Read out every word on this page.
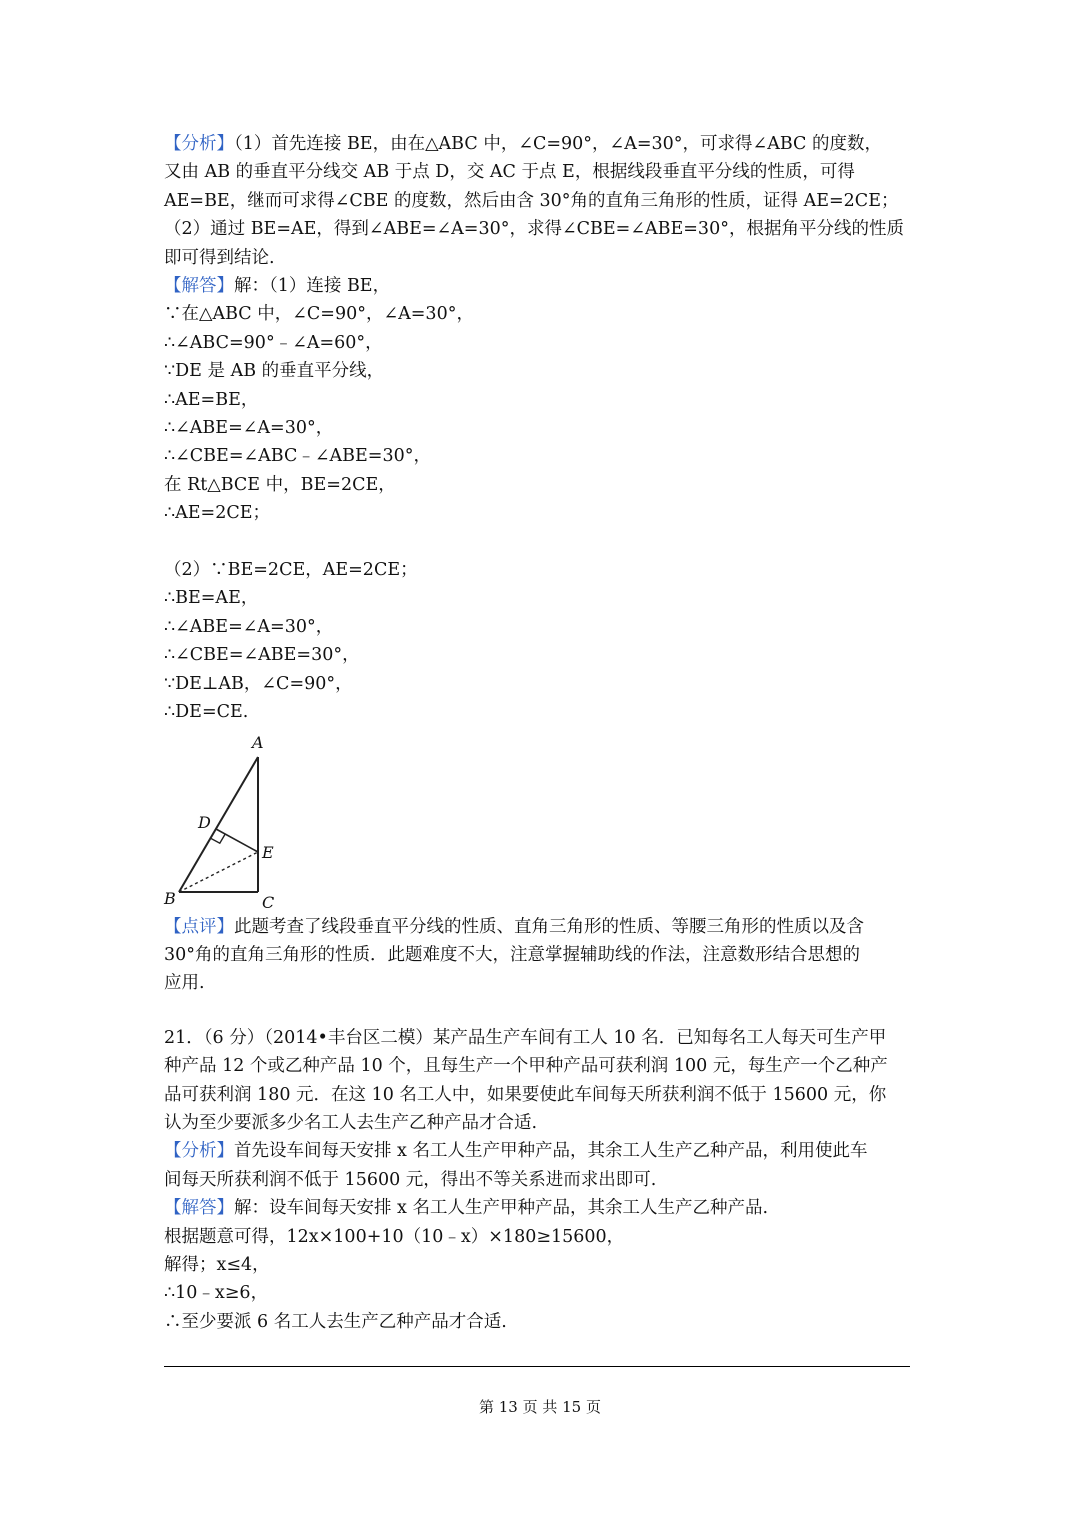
【分析】（1）首先连接 BE，由在△ABC 中，∠C=90°，∠A=30°，可求得∠ABC 的度数，

又由 AB 的垂直平分线交 AB 于点 D，交 AC 于点 E，根据线段垂直平分线的性质，可得

AE=BE，继而可求得∠CBE 的度数，然后由含 30°角的直角三角形的性质，证得 AE=2CE；

（2）通过 BE=AE，得到∠ABE=∠A=30°，求得∠CBE=∠ABE=30°，根据角平分线的性质

即可得到结论.

【解答】解：（1）连接 BE，

∵在△ABC 中，∠C=90°，∠A=30°，

∴∠ABC=90°﹣∠A=60°，

∵DE 是 AB 的垂直平分线，

∴AE=BE，

∴∠ABE=∠A=30°，

∴∠CBE=∠ABC﹣∠ABE=30°，

在 Rt△BCE 中，BE=2CE，

∴AE=2CE；

（2）∵BE=2CE，AE=2CE；

∴BE=AE，

∴∠ABE=∠A=30°，

∴∠CBE=∠ABE=30°，

∵DE⊥AB，∠C=90°，

∴DE=CE.

A
D
E
B	C

【点评】此题考查了线段垂直平分线的性质、直角三角形的性质、等腰三角形的性质以及含

30°角的直角三角形的性质．此题难度不大，注意掌握辅助线的作法，注意数形结合思想的

应用.

21．（6 分）（2014•丰台区二模）某产品生产车间有工人 10 名．已知每名工人每天可生产甲

种产品 12 个或乙种产品 10 个，且每生产一个甲种产品可获利润 100 元，每生产一个乙种产

品可获利润 180 元．在这 10 名工人中，如果要使此车间每天所获利润不低于 15600 元，你

认为至少要派多少名工人去生产乙种产品才合适.

【分析】首先设车间每天安排 x 名工人生产甲种产品，其余工人生产乙种产品，利用使此车

间每天所获利润不低于 15600 元，得出不等关系进而求出即可.

【解答】解：设车间每天安排 x 名工人生产甲种产品，其余工人生产乙种产品.

根据题意可得，12x×100+10（10﹣x）×180≥15600，

解得；x≤4，

∴10﹣x≥6，

∴至少要派 6 名工人去生产乙种产品才合适.

第 13 页 共 15 页
